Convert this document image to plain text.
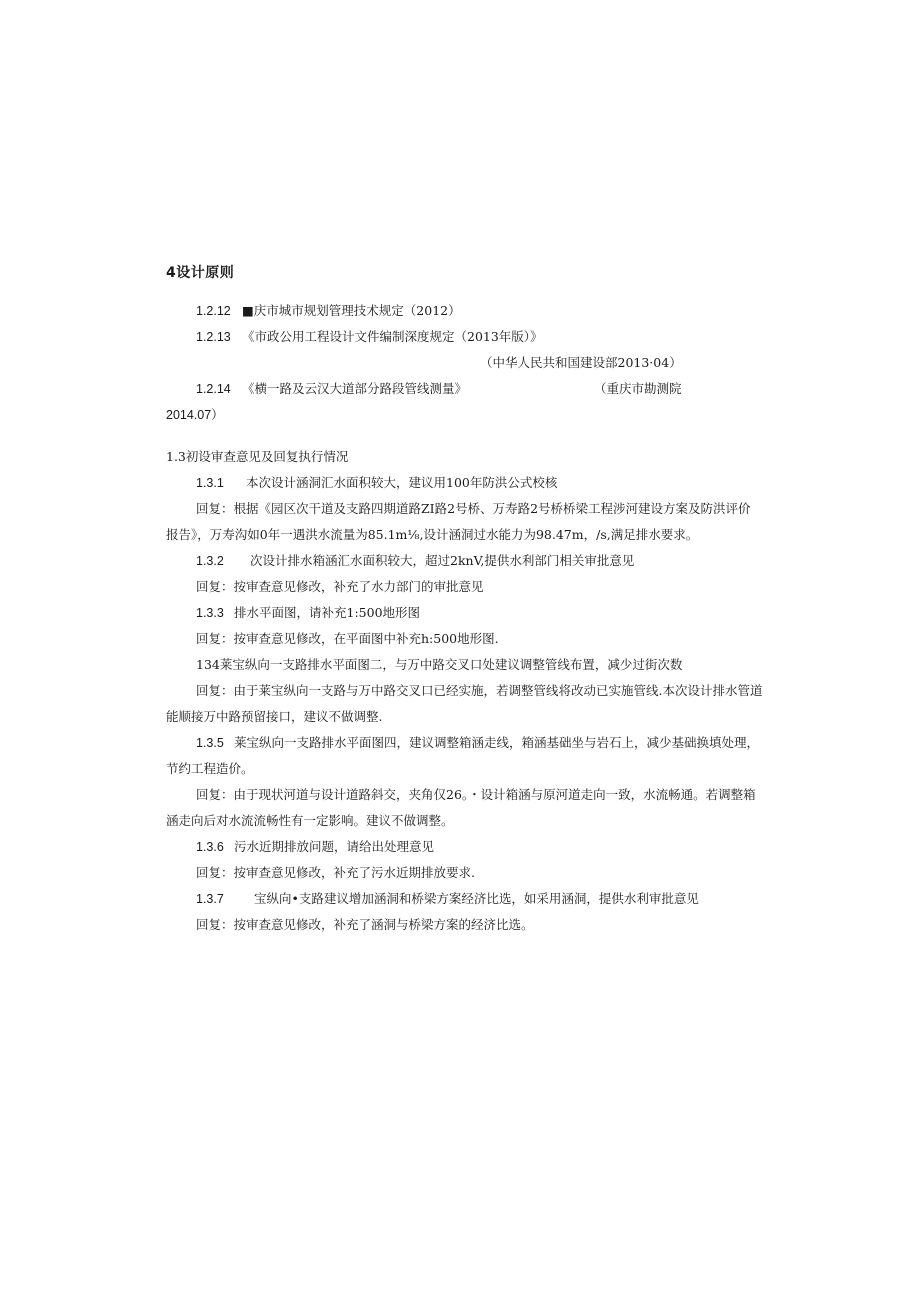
4设计原则
1.2.12 ■庆市城市规划管理技术规定（2012）
1.2.13 《市政公用工程设计文件编制深度规定（2013年版）》
（中华人民共和国建设部2013·04）
1.2.14 《横一路及云汉大道部分路段管线测量》	（重庆市勘测院
2014.07）
1.3初设审查意见及回复执行情况
1.3.1 本次设计涵洞汇水面积较大，建议用100年防洪公式校核
回复：根据《园区次干道及支路四期道路ZI路2号桥、万寿路2号桥桥梁工程涉河建设方案及防洪评价
报告》，万寿沟如0年一遇洪水流量为85.1m⅛,设计涵洞过水能力为98.47m，/s,满足排水要求。
1.3.2 次设计排水箱涵汇水面积较大，超过2knV,提供水利部门相关审批意见
回复：按审查意见修改，补充了水力部门的审批意见
1.3.3 排水平面图，请补充1:500地形图
回复：按审查意见修改，在平面图中补充h:500地形图.
134莱宝纵向一支路排水平面图二，与万中路交叉口处建议调整管线布置，减少过街次数
回复：由于莱宝纵向一支路与万中路交叉口已经实施，若调整管线将改动已实施管线.本次设计排水管道
能顺接万中路预留接口，建议不做调整.
1.3.5 莱宝纵向一支路排水平面图四，建议调整箱涵走线，箱涵基础坐与岩石上，减少基础换填处理，
节约工程造价。
回复：由于现状河道与设计道路斜交，夹角仅26。・设计箱涵与原河道走向一致，水流畅通。若调整箱
涵走向后对水流流畅性有一定影响。建议不做调整。
1.3.6 污水近期排放问题，请给出处理意见
回复：按审查意见修改，补充了污水近期排放要求.
1.3.7 宝纵向•支路建议增加涵洞和桥梁方案经济比选，如采用涵洞，提供水利审批意见
回复：按审查意见修改，补充了涵洞与桥梁方案的经济比选。
